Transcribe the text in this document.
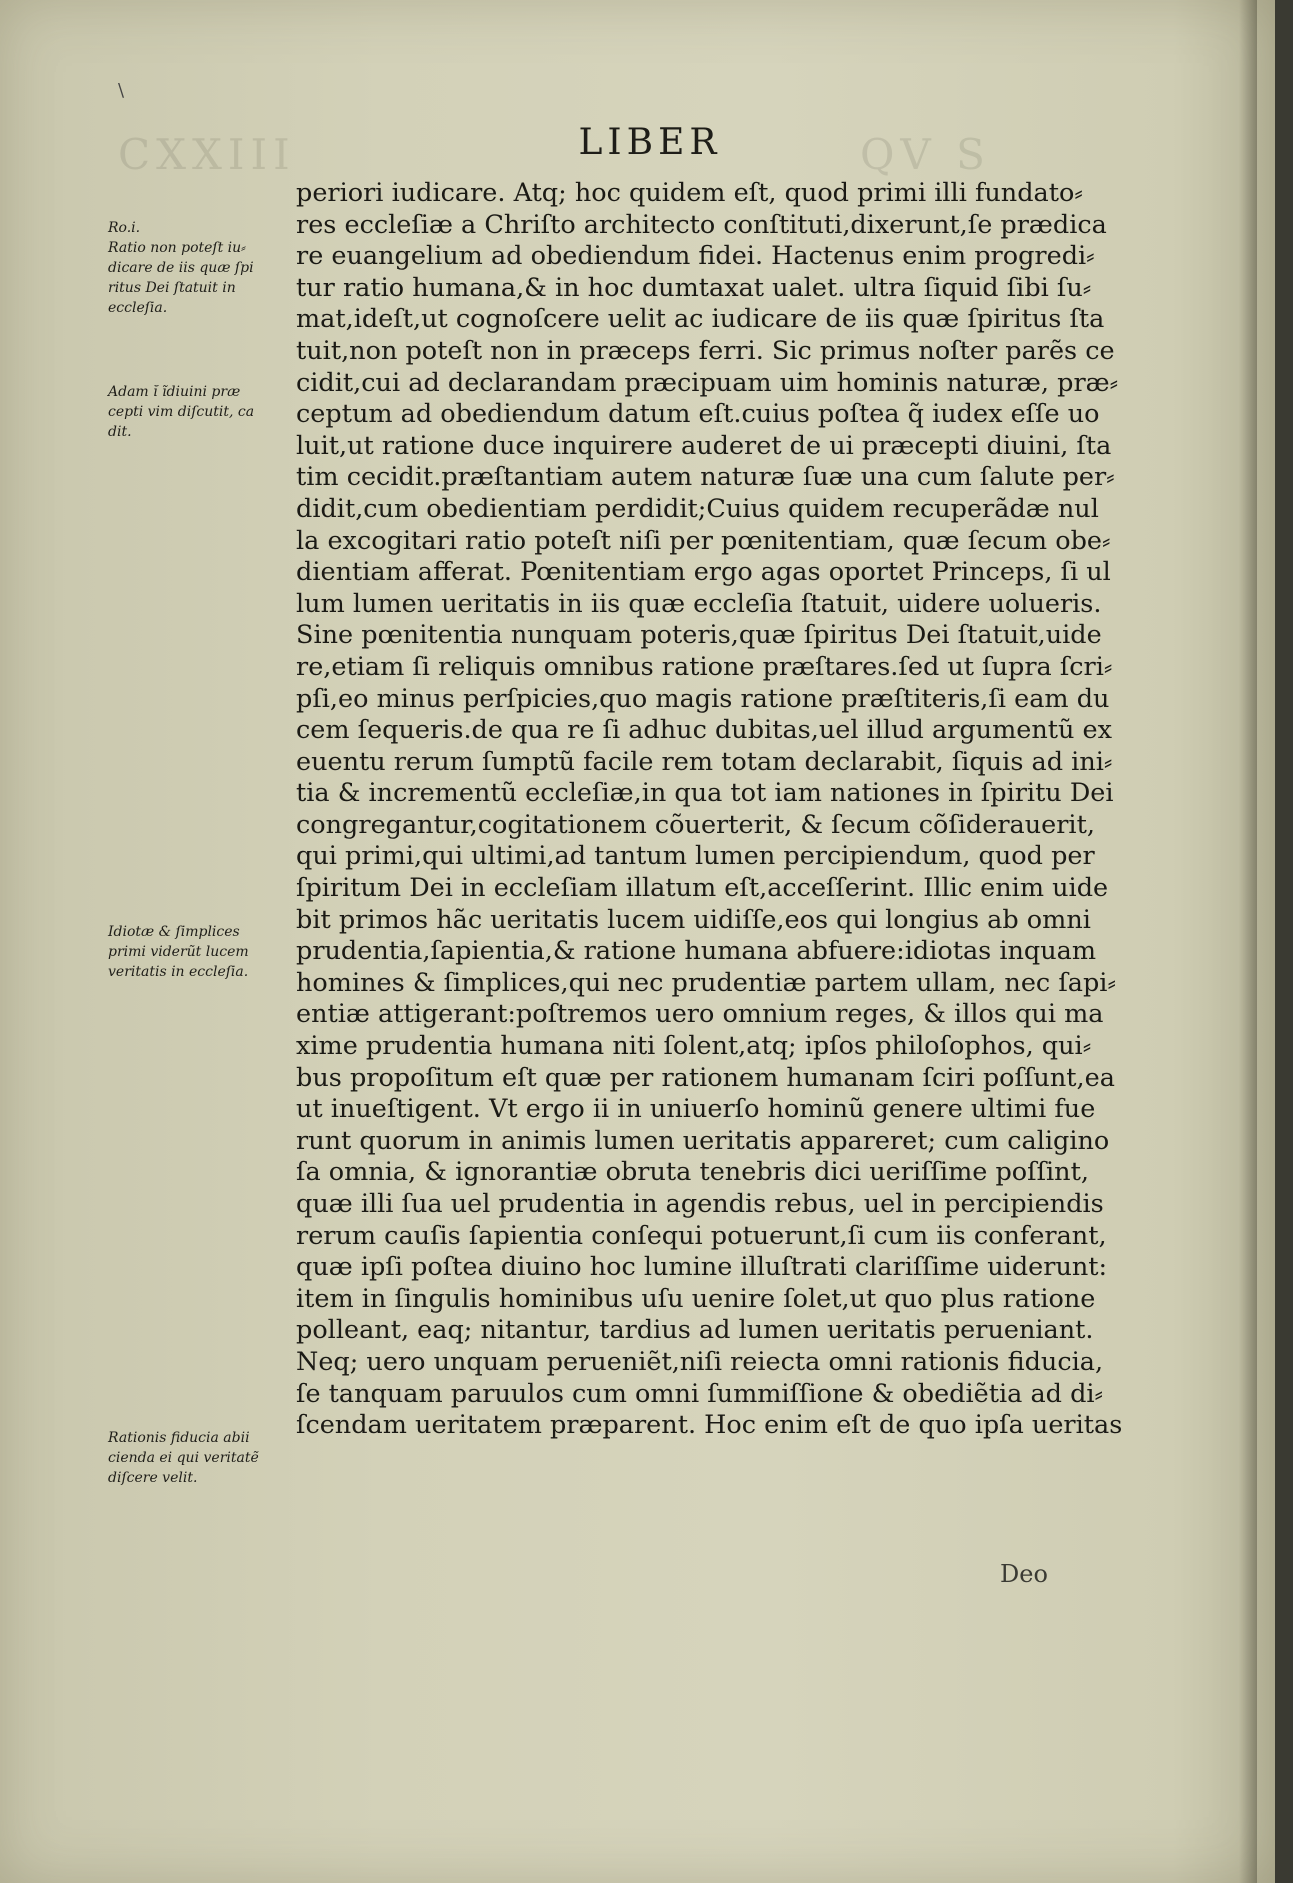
CXXIII	QV S
\
LIBER
Ro.i.
Ratio non poteſt iu⸗
dicare de iis quæ ſpi
ritus Dei ſtatuit in
eccleſia.
Adam ĭ ĩdiuini præ
cepti vim diſcutit, ca
dit.
Idiotæ & ſimplices
primi viderũt lucem
veritatis in eccleſia.
Rationis fiducia abii
cienda ei qui veritatẽ
diſcere velit.
periori iudicare. Atq; hoc quidem eſt, quod primi illi fundato⸗
res eccleſiæ a Chriſto architecto conſtituti,dixerunt,ſe prædica
re euangelium ad obediendum fidei. Hactenus enim progredi⸗
tur ratio humana,& in hoc dumtaxat ualet. ultra ſiquid ſibi ſu⸗
mat,ideſt,ut cognoſcere uelit ac iudicare de iis quæ ſpiritus ſta
tuit,non poteſt non in præceps ferri. Sic primus noſter parẽs ce
cidit,cui ad declarandam præcipuam uim hominis naturæ, præ⸗
ceptum ad obediendum datum eſt.cuius poſtea q̃ iudex eſſe uo
luit,ut ratione duce inquirere auderet de ui præcepti diuini, ſta
tim cecidit.præſtantiam autem naturæ ſuæ una cum ſalute per⸗
didit,cum obedientiam perdidit;Cuius quidem recuperãdæ nul
la excogitari ratio poteſt niſi per pœnitentiam, quæ ſecum obe⸗
dientiam afferat. Pœnitentiam ergo agas oportet Princeps, ſi ul
lum lumen ueritatis in iis quæ eccleſia ſtatuit, uidere uolueris.
Sine pœnitentia nunquam poteris,quæ ſpiritus Dei ſtatuit,uide
re,etiam ſi reliquis omnibus ratione præſtares.ſed ut ſupra ſcri⸗
pſi,eo minus perſpicies,quo magis ratione præſtiteris,ſi eam du
cem ſequeris.de qua re ſi adhuc dubitas,uel illud argumentũ ex
euentu rerum ſumptũ facile rem totam declarabit, ſiquis ad ini⸗
tia & incrementũ eccleſiæ,in qua tot iam nationes in ſpiritu Dei
congregantur,cogitationem cõuerterit, & ſecum cõſiderauerit,
qui primi,qui ultimi,ad tantum lumen percipiendum, quod per
ſpiritum Dei in eccleſiam illatum eſt,acceſſerint. Illic enim uide
bit primos hãc ueritatis lucem uidiſſe,eos qui longius ab omni
prudentia,ſapientia,& ratione humana abfuere:idiotas inquam
homines & ſimplices,qui nec prudentiæ partem ullam, nec ſapi⸗
entiæ attigerant:poſtremos uero omnium reges, & illos qui ma
xime prudentia humana niti ſolent,atq; ipſos philoſophos, qui⸗
bus propoſitum eſt quæ per rationem humanam ſciri poſſunt,ea
ut inueſtigent. Vt ergo ii in uniuerſo hominũ genere ultimi fue
runt quorum in animis lumen ueritatis appareret; cum caligino
ſa omnia, & ignorantiæ obruta tenebris dici ueriſſime poſſint,
quæ illi ſua uel prudentia in agendis rebus, uel in percipiendis
rerum cauſis ſapientia conſequi potuerunt,ſi cum iis conferant,
quæ ipſi poſtea diuino hoc lumine illuſtrati clariſſime uiderunt:
item in ſingulis hominibus uſu uenire ſolet,ut quo plus ratione
polleant, eaq; nitantur, tardius ad lumen ueritatis perueniant.
Neq; uero unquam perueniẽt,niſi reiecta omni rationis fiducia,
ſe tanquam paruulos cum omni ſummiſſione & obediẽtia ad di⸗
ſcendam ueritatem præparent. Hoc enim eſt de quo ipſa ueritas
Deo
